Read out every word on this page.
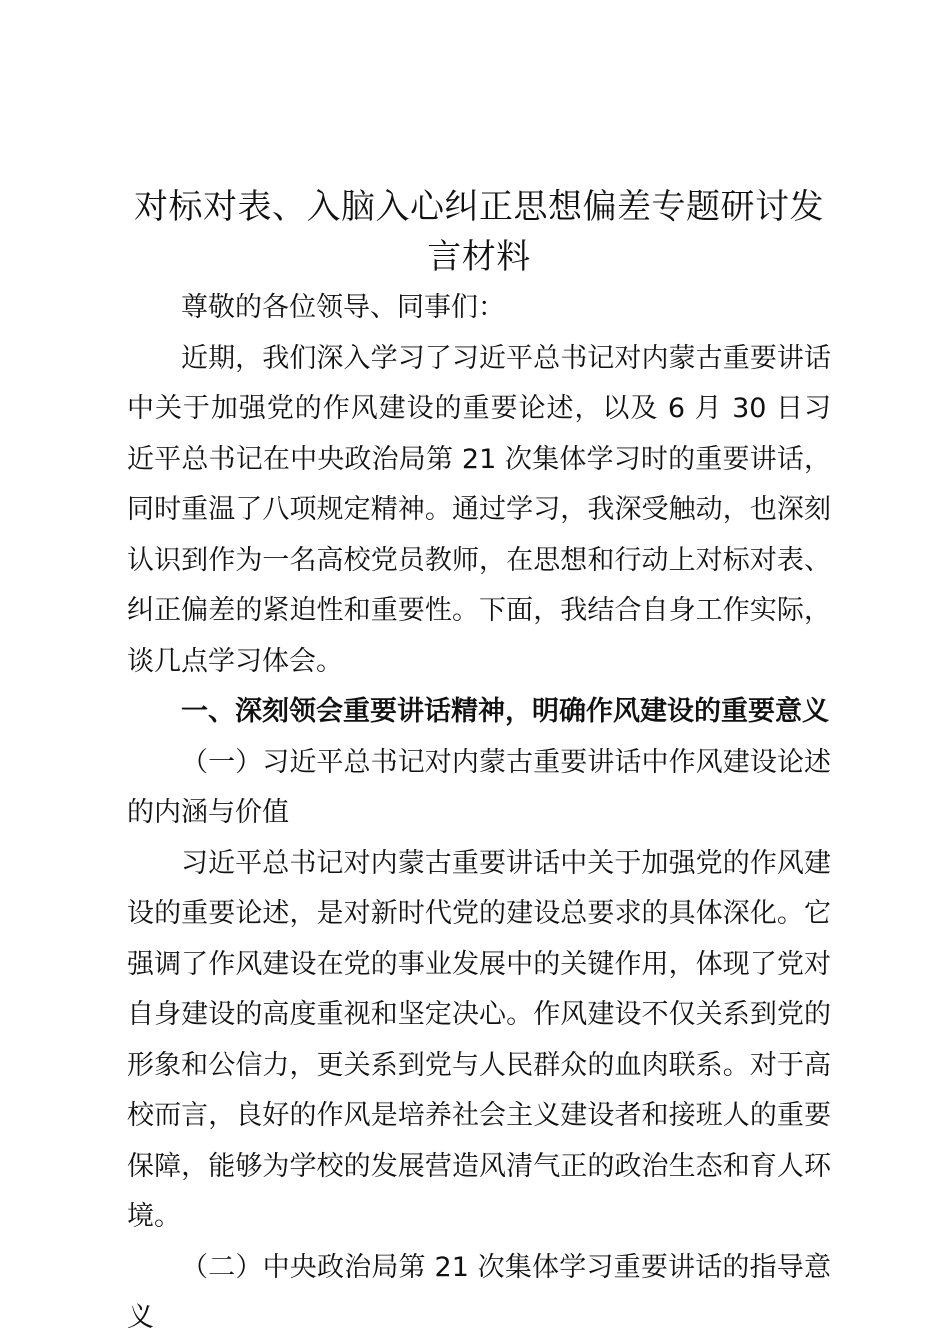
对标对表、入脑入心纠正思想偏差专题研讨发言材料

尊敬的各位领导、同事们：

近期，我们深入学习了习近平总书记对内蒙古重要讲话中关于加强党的作风建设的重要论述，以及 6 月 30 日习近平总书记在中央政治局第 21 次集体学习时的重要讲话，同时重温了八项规定精神。通过学习，我深受触动，也深刻认识到作为一名高校党员教师，在思想和行动上对标对表、纠正偏差的紧迫性和重要性。下面，我结合自身工作实际，谈几点学习体会。

一、深刻领会重要讲话精神，明确作风建设的重要意义

（一）习近平总书记对内蒙古重要讲话中作风建设论述的内涵与价值

习近平总书记对内蒙古重要讲话中关于加强党的作风建设的重要论述，是对新时代党的建设总要求的具体深化。它强调了作风建设在党的事业发展中的关键作用，体现了党对自身建设的高度重视和坚定决心。作风建设不仅关系到党的形象和公信力，更关系到党与人民群众的血肉联系。对于高校而言，良好的作风是培养社会主义建设者和接班人的重要保障，能够为学校的发展营造风清气正的政治生态和育人环境。

（二）中央政治局第 21 次集体学习重要讲话的指导意义
